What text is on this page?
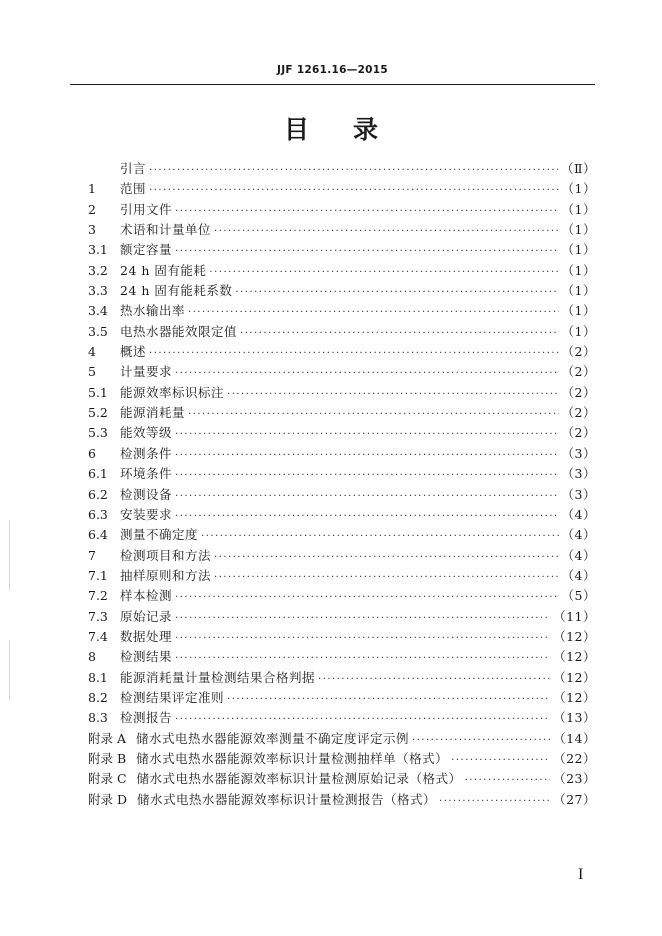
JJF 1261.16—2015
目 录
引言 ·····	（Ⅱ）
1	范围 ·····	（1）
2	引用文件 ·····	（1）
3	术语和计量单位 ·····	（1）
3.1 额定容量 ·····	（1）
3.2 24 h 固有能耗 ·····	（1）
3.3 24 h 固有能耗系数 ·····	（1）
3.4 热水输出率 ·····	（1）
3.5 电热水器能效限定值 ·····	（1）
4	概述 ·····	（2）
5	计量要求 ·····	（2）
5.1 能源效率标识标注 ·····	（2）
5.2 能源消耗量 ·····	（2）
5.3 能效等级 ·····	（2）
6	检测条件 ·····	（3）
6.1 环境条件 ·····	（3）
6.2 检测设备 ·····	（3）
6.3 安装要求 ·····	（4）
6.4 测量不确定度 ·····	（4）
7	检测项目和方法 ·····	（4）
7.1 抽样原则和方法 ·····	（4）
7.2 样本检测 ·····	（5）
7.3 原始记录 ·····	（11）
7.4 数据处理 ·····	（12）
8	检测结果 ·····	（12）
8.1 能源消耗量计量检测结果合格判据 ·····	（12）
8.2 检测结果评定准则 ·····	（12）
8.3 检测报告 ·····	（13）
附录 A 储水式电热水器能源效率测量不确定度评定示例 ·····	（14）
附录 B 储水式电热水器能源效率标识计量检测抽样单（格式） ·····	（22）
附录 C 储水式电热水器能源效率标识计量检测原始记录（格式） ·····	（23）
附录 D 储水式电热水器能源效率标识计量检测报告（格式） ·····	（27）
I
